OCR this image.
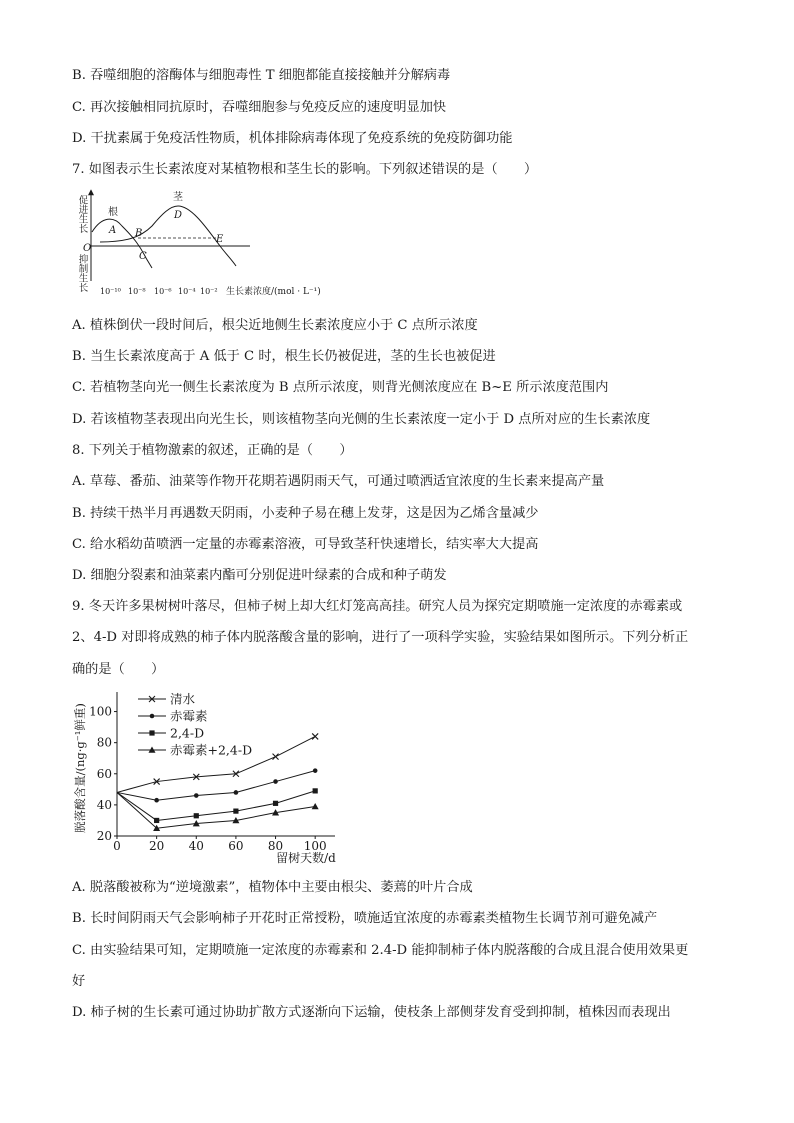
B. 吞噬细胞的溶酶体与细胞毒性 T 细胞都能直接接触并分解病毒
C. 再次接触相同抗原时，吞噬细胞参与免疫反应的速度明显加快
D. 干扰素属于免疫活性物质，机体排除病毒体现了免疫系统的免疫防御功能
7. 如图表示生长素浓度对某植物根和茎生长的影响。下列叙述错误的是（　　）
促进生长
抑制生长
O
根
茎
A B
C
D
E
10⁻¹⁰ 10⁻⁸ 10⁻⁶ 10⁻⁴ 10⁻² 生长素浓度/(mol · L⁻¹)
A. 植株倒伏一段时间后，根尖近地侧生长素浓度应小于 C 点所示浓度
B. 当生长素浓度高于 A 低于 C 时，根生长仍被促进，茎的生长也被促进
C. 若植物茎向光一侧生长素浓度为 B 点所示浓度，则背光侧浓度应在 B~E 所示浓度范围内
D. 若该植物茎表现出向光生长，则该植物茎向光侧的生长素浓度一定小于 D 点所对应的生长素浓度
8. 下列关于植物激素的叙述，正确的是（　　）
A. 草莓、番茄、油菜等作物开花期若遇阴雨天气，可通过喷洒适宜浓度的生长素来提高产量
B. 持续干热半月再遇数天阴雨，小麦种子易在穗上发芽，这是因为乙烯含量减少
C. 给水稻幼苗喷洒一定量的赤霉素溶液，可导致茎秆快速增长，结实率大大提高
D. 细胞分裂素和油菜素内酯可分别促进叶绿素的合成和种子萌发
9. 冬天许多果树树叶落尽，但柿子树上却大红灯笼高高挂。研究人员为探究定期喷施一定浓度的赤霉素或
2、4-D 对即将成熟的柿子体内脱落酸含量的影响，进行了一项科学实验，实验结果如图所示。下列分析正
确的是（　　）
脱落酸含量/(ng·g⁻¹鲜重)
留树天数/d
20
40
60
80
100
0 20 40 60 80 100
清水
赤霉素
2,4-D
赤霉素+2,4-D
A. 脱落酸被称为“逆境激素”，植物体中主要由根尖、萎蔫的叶片合成
B. 长时间阴雨天气会影响柿子开花时正常授粉，喷施适宜浓度的赤霉素类植物生长调节剂可避免减产
C. 由实验结果可知，定期喷施一定浓度的赤霉素和 2.4-D 能抑制柿子体内脱落酸的合成且混合使用效果更
好
D. 柿子树的生长素可通过协助扩散方式逐渐向下运输，使枝条上部侧芽发育受到抑制，植株因而表现出
